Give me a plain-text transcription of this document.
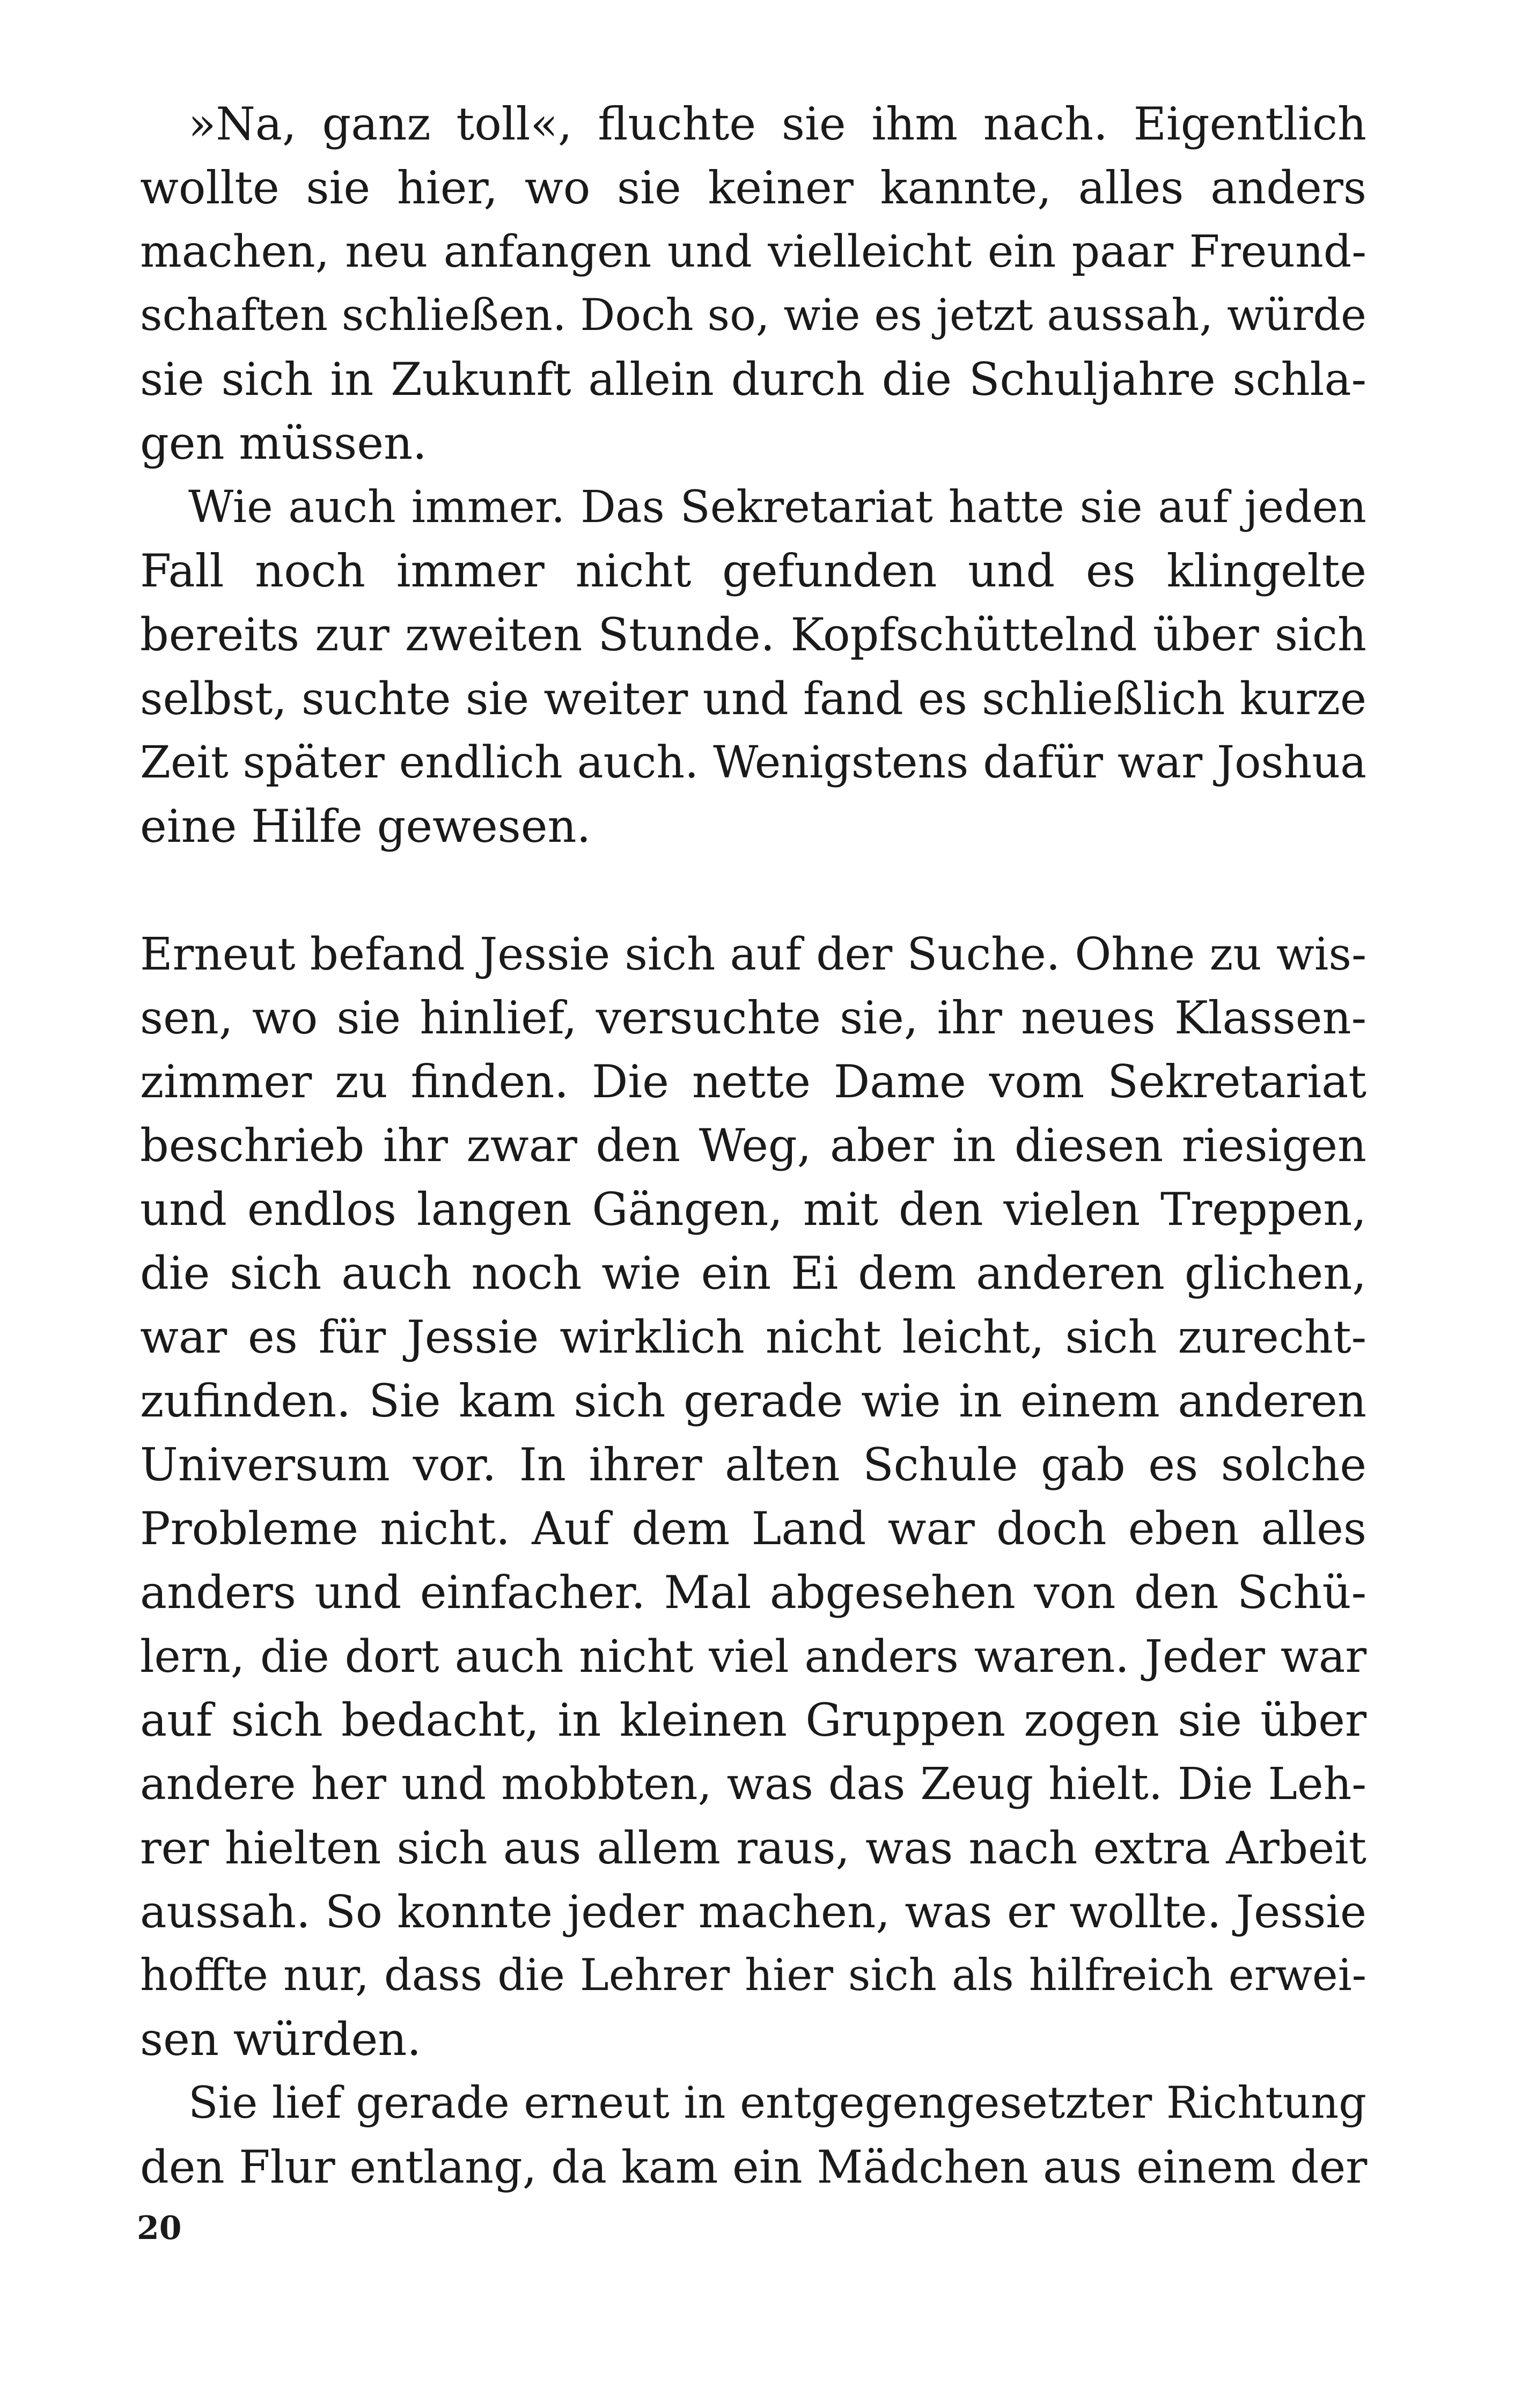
»Na, ganz toll«, fluchte sie ihm nach. Eigentlich
wollte sie hier, wo sie keiner kannte, alles anders
machen, neu anfangen und vielleicht ein paar Freund-
schaften schließen. Doch so, wie es jetzt aussah, würde
sie sich in Zukunft allein durch die Schuljahre schla-
gen müssen.
Wie auch immer. Das Sekretariat hatte sie auf jeden
Fall noch immer nicht gefunden und es klingelte
bereits zur zweiten Stunde. Kopfschüttelnd über sich
selbst, suchte sie weiter und fand es schließlich kurze
Zeit später endlich auch. Wenigstens dafür war Joshua
eine Hilfe gewesen.
Erneut befand Jessie sich auf der Suche. Ohne zu wis-
sen, wo sie hinlief, versuchte sie, ihr neues Klassen-
zimmer zu finden. Die nette Dame vom Sekretariat
beschrieb ihr zwar den Weg, aber in diesen riesigen
und endlos langen Gängen, mit den vielen Treppen,
die sich auch noch wie ein Ei dem anderen glichen,
war es für Jessie wirklich nicht leicht, sich zurecht-
zufinden. Sie kam sich gerade wie in einem anderen
Universum vor. In ihrer alten Schule gab es solche
Probleme nicht. Auf dem Land war doch eben alles
anders und einfacher. Mal abgesehen von den Schü-
lern, die dort auch nicht viel anders waren. Jeder war
auf sich bedacht, in kleinen Gruppen zogen sie über
andere her und mobbten, was das Zeug hielt. Die Leh-
rer hielten sich aus allem raus, was nach extra Arbeit
aussah. So konnte jeder machen, was er wollte. Jessie
hoffte nur, dass die Lehrer hier sich als hilfreich erwei-
sen würden.
Sie lief gerade erneut in entgegengesetzter Richtung
den Flur entlang, da kam ein Mädchen aus einem der
20
